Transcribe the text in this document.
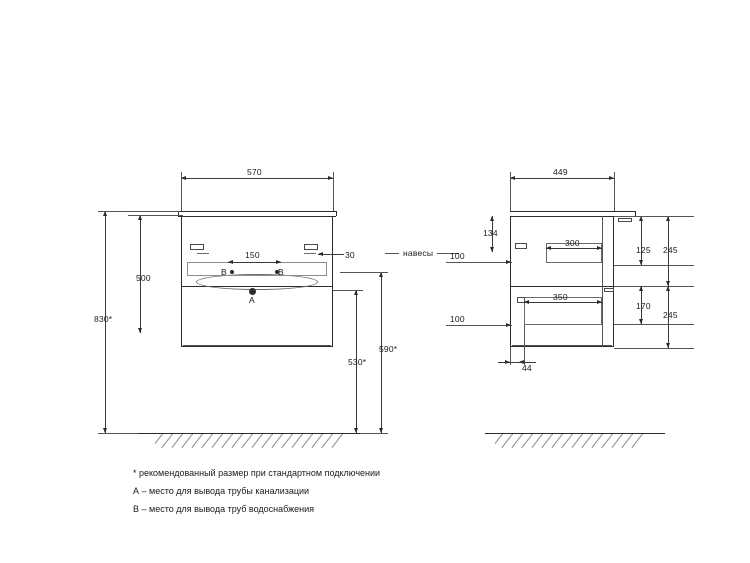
570
150	30
B	B
A
500
830*
530*
590*
навесы
449
134
100
100
300
350
125 245
170
245
44
* рекомендованный размер при стандартном подключении
А – место для вывода трубы канализации
В – место для вывода труб водоснабжения
